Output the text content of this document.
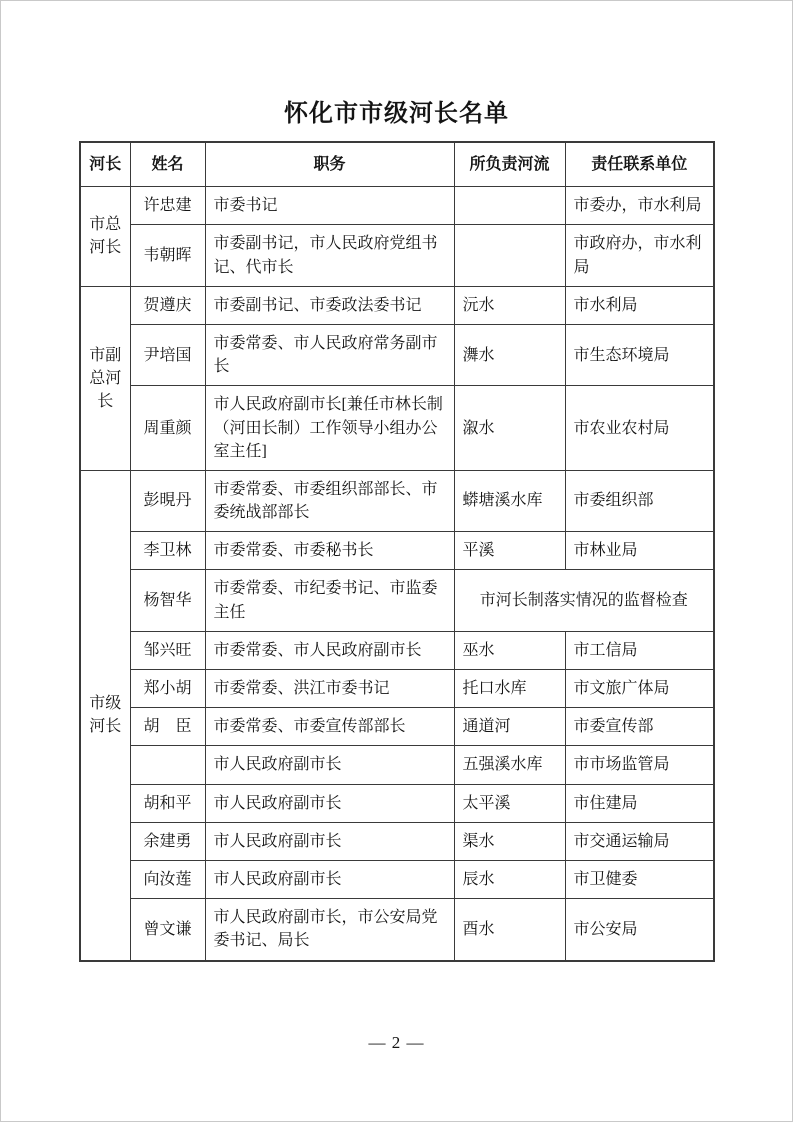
怀化市市级河长名单
河长	姓名	职务	所负责河流	责任联系单位
市总河长	许忠建	市委书记		市委办，市水利局
	韦朝晖	市委副书记，市人民政府党组书记、代市长		市政府办，市水利局
市副总河长	贺遵庆	市委副书记、市委政法委书记	沅水	市水利局
	尹培国	市委常委、市人民政府常务副市长	㵲水	市生态环境局
	周重颜	市人民政府副市长[兼任市林长制（河田长制）工作领导小组办公室主任]	溆水	市农业农村局
市级河长	彭晛丹	市委常委、市委组织部部长、市委统战部部长	蟒塘溪水库	市委组织部
	李卫林	市委常委、市委秘书长	平溪	市林业局
	杨智华	市委常委、市纪委书记、市监委主任	市河长制落实情况的监督检查	
	邹兴旺	市委常委、市人民政府副市长	巫水	市工信局
	郑小胡	市委常委、洪江市委书记	托口水库	市文旅广体局
	胡　臣	市委常委、市委宣传部部长	通道河	市委宣传部
		市人民政府副市长	五强溪水库	市市场监管局
	胡和平	市人民政府副市长	太平溪	市住建局
	余建勇	市人民政府副市长	渠水	市交通运输局
	向汝莲	市人民政府副市长	辰水	市卫健委
	曾文谦	市人民政府副市长，市公安局党委书记、局长	酉水	市公安局
— 2 —
